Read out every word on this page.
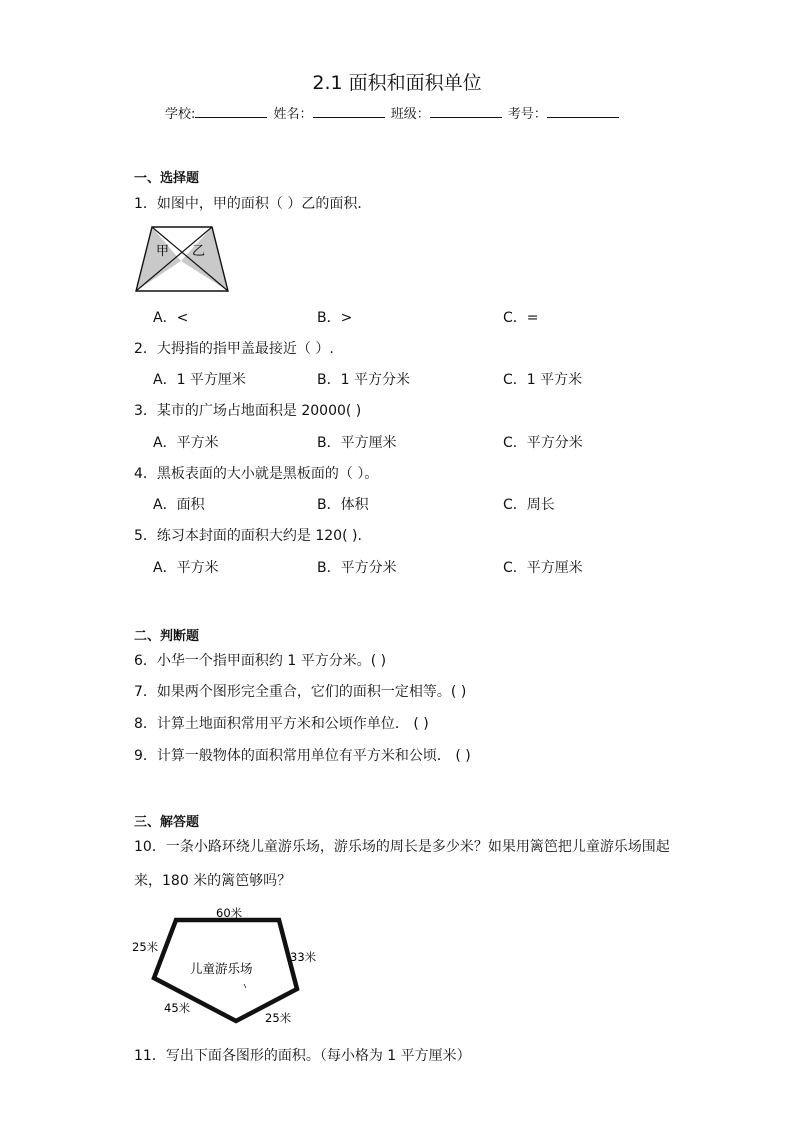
2.1 面积和面积单位
学校:	姓名：	班级：	考号：
一、选择题
1．如图中，甲的面积（ ）乙的面积．
甲 乙
A．<	B．>	C．=
2．大拇指的指甲盖最接近（ ）.
A．1 平方厘米	B．1 平方分米	C．1 平方米
3．某市的广场占地面积是 20000( )
A．平方米	B．平方厘米	C．平方分米
4．黑板表面的大小就是黑板面的（ ）。
A．面积	B．体积	C．周长
5．练习本封面的面积大约是 120( ).
A．平方米	B．平方分米	C．平方厘米
二、判断题
6．小华一个指甲面积约 1 平方分米。( )
7．如果两个图形完全重合，它们的面积一定相等。( )
8．计算土地面积常用平方米和公顷作单位． ( )
9．计算一般物体的面积常用单位有平方米和公顷． ( )
三、解答题
10．一条小路环绕儿童游乐场，游乐场的周长是多少米？如果用篱笆把儿童游乐场围起
来，180 米的篱笆够吗？
60米
25米
33米
45米
25米
儿童游乐场
11．写出下面各图形的面积。（每小格为 1 平方厘米）
